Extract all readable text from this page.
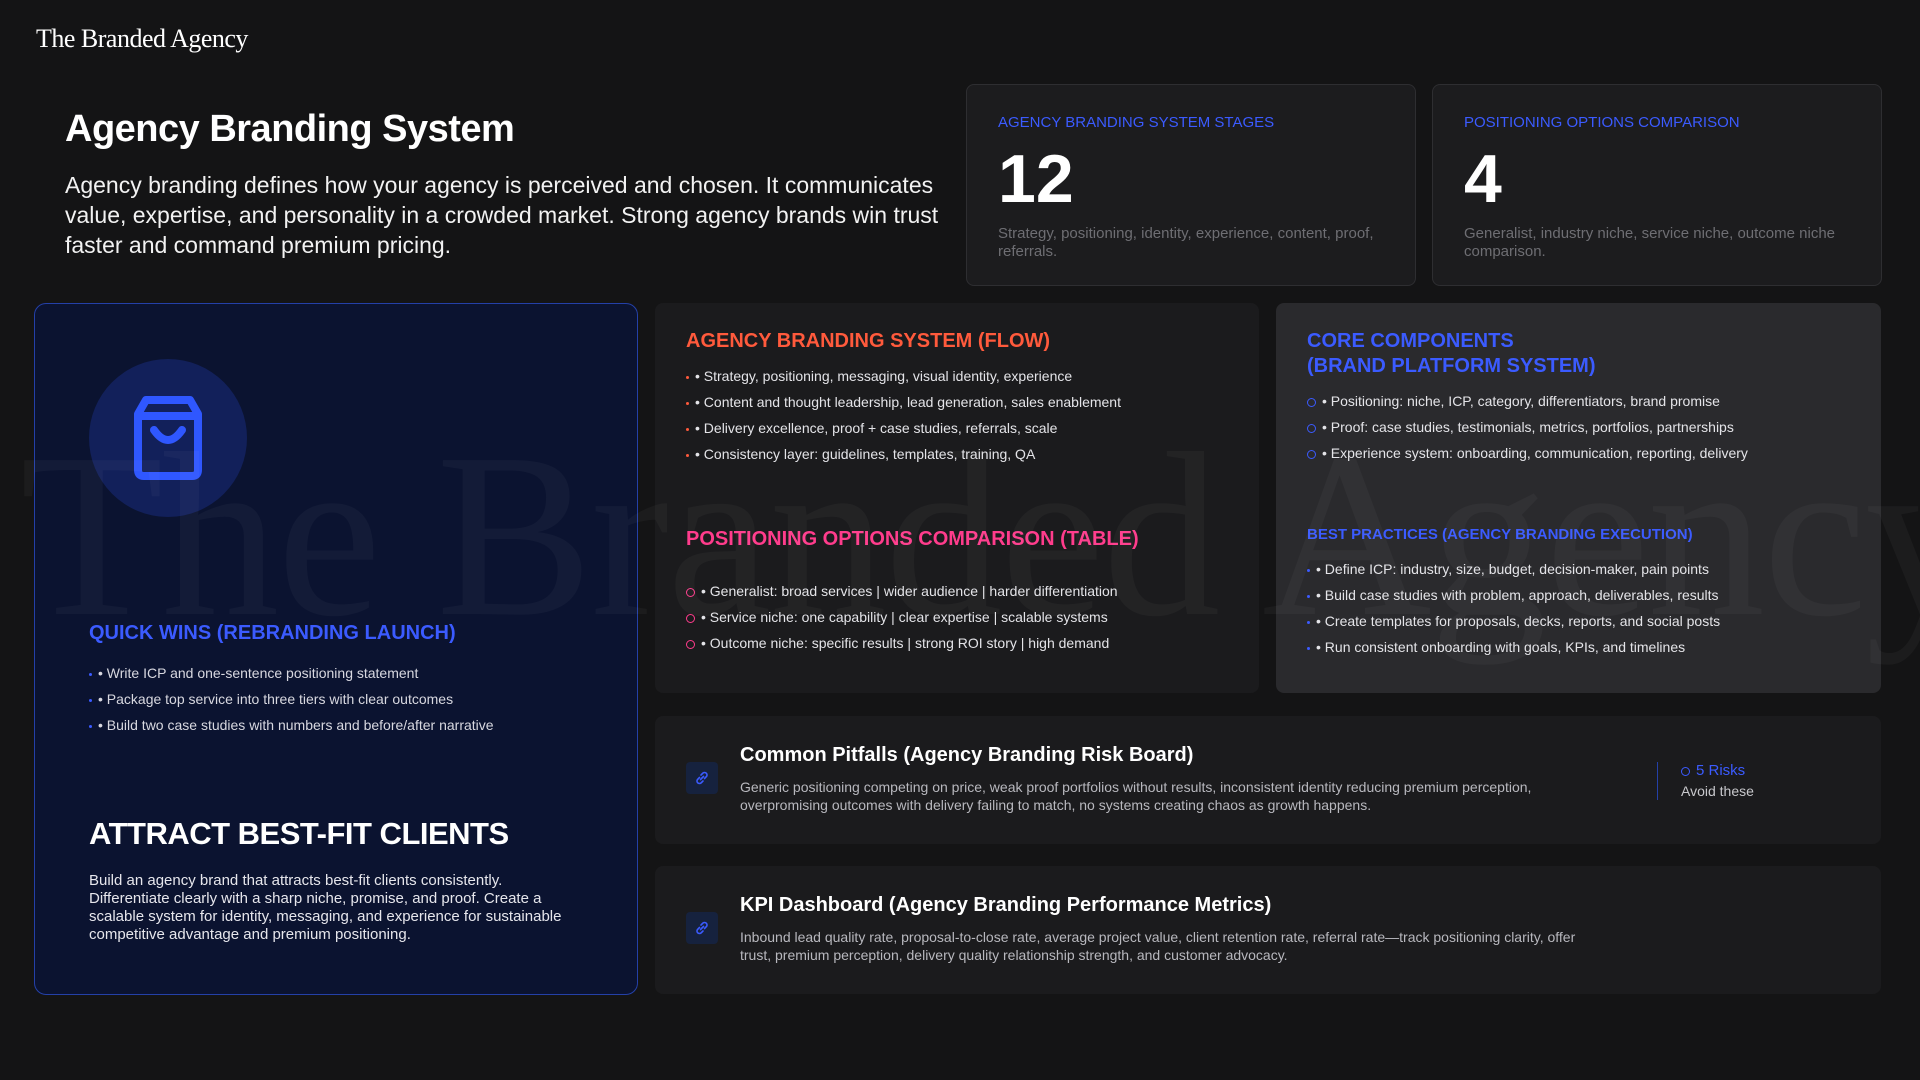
The Branded Agency
Agency Branding System

Agency branding defines how your agency is perceived and chosen. It communicates value, expertise, and personality in a crowded market. Strong agency brands win trust faster and command premium pricing.

AGENCY BRANDING SYSTEM STAGES
12
Strategy, positioning, identity, experience, content, proof, referrals.
POSITIONING OPTIONS COMPARISON
4
Generalist, industry niche, service niche, outcome niche comparison.
QUICK WINS (REBRANDING LAUNCH)
• Write ICP and one-sentence positioning statement
• Package top service into three tiers with clear outcomes
• Build two case studies with numbers and before/after narrative
ATTRACT BEST-FIT CLIENTS

Build an agency brand that attracts best-fit clients consistently. Differentiate clearly with a sharp niche, promise, and proof. Create a scalable system for identity, messaging, and experience for sustainable competitive advantage and premium positioning.

AGENCY BRANDING SYSTEM (FLOW)
• Strategy, positioning, messaging, visual identity, experience
• Content and thought leadership, lead generation, sales enablement
• Delivery excellence, proof + case studies, referrals, scale
• Consistency layer: guidelines, templates, training, QA
POSITIONING OPTIONS COMPARISON (TABLE)
• Generalist: broad services | wider audience | harder differentiation
• Service niche: one capability | clear expertise | scalable systems
• Outcome niche: specific results | strong ROI story | high demand
CORE COMPONENTS
(BRAND PLATFORM SYSTEM)
• Positioning: niche, ICP, category, differentiators, brand promise
• Proof: case studies, testimonials, metrics, portfolios, partnerships
• Experience system: onboarding, communication, reporting, delivery
BEST PRACTICES (AGENCY BRANDING EXECUTION)
• Define ICP: industry, size, budget, decision-maker, pain points
• Build case studies with problem, approach, deliverables, results
• Create templates for proposals, decks, reports, and social posts
• Run consistent onboarding with goals, KPIs, and timelines
Common Pitfalls (Agency Branding Risk Board)

Generic positioning competing on price, weak proof portfolios without results, inconsistent identity reducing premium perception, overpromising outcomes with delivery failing to match, no systems creating chaos as growth happens.

5 Risks
Avoid these
KPI Dashboard (Agency Branding Performance Metrics)

Inbound lead quality rate, proposal-to-close rate, average project value, client retention rate, referral rate—track positioning clarity, offer trust, premium perception, delivery quality relationship strength, and customer advocacy.
